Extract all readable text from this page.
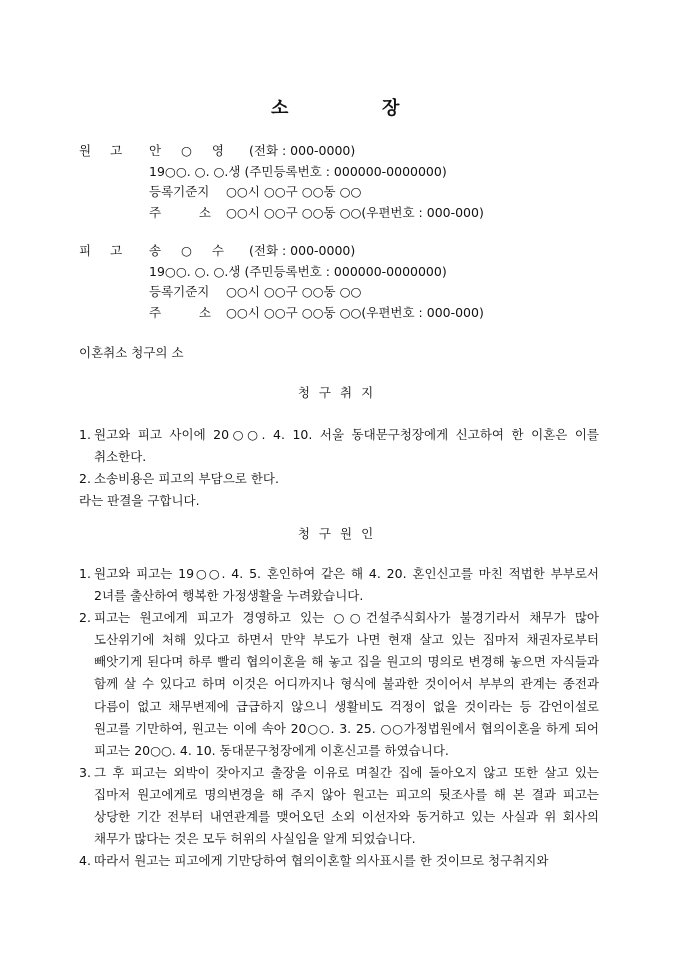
소	장
원고 안 ○ 영 (전화 : 000-0000)
19○○. ○. ○.생 (주민등록번호 : 000000-0000000)
등록기준지 ○○시 ○○구 ○○동 ○○
주	소 ○○시 ○○구 ○○동 ○○(우편번호 : 000-000)
피고 송 ○ 수 (전화 : 000-0000)
19○○. ○. ○.생 (주민등록번호 : 000000-0000000)
등록기준지 ○○시 ○○구 ○○동 ○○
주	소 ○○시 ○○구 ○○동 ○○(우편번호 : 000-000)
이혼취소 청구의 소
청구취지
1. 원고와 피고 사이에 20○○. 4. 10. 서울 동대문구청장에게 신고하여 한 이혼은 이를 취소한다.
2. 소송비용은 피고의 부담으로 한다.
라는 판결을 구합니다.
청구원인
1. 원고와 피고는 19○○. 4. 5. 혼인하여 같은 해 4. 20. 혼인신고를 마친 적법한 부부로서 2녀를 출산하여 행복한 가정생활을 누려왔습니다.
2. 피고는 원고에게 피고가 경영하고 있는 ○○건설주식회사가 불경기라서 채무가 많아 도산위기에 처해 있다고 하면서 만약 부도가 나면 현재 살고 있는 집마저 채권자로부터 빼앗기게 된다며 하루 빨리 협의이혼을 해 놓고 집을 원고의 명의로 변경해 놓으면 자식들과 함께 살 수 있다고 하며 이것은 어디까지나 형식에 불과한 것이어서 부부의 관계는 종전과 다름이 없고 채무변제에 급급하지 않으니 생활비도 걱정이 없을 것이라는 등 감언이설로 원고를 기만하여, 원고는 이에 속아 20○○. 3. 25. ○○가정법원에서 협의이혼을 하게 되어 피고는 20○○. 4. 10. 동대문구청장에게 이혼신고를 하였습니다.
3. 그 후 피고는 외박이 잦아지고 출장을 이유로 며칠간 집에 돌아오지 않고 또한 살고 있는 집마저 원고에게로 명의변경을 해 주지 않아 원고는 피고의 뒷조사를 해 본 결과 피고는 상당한 기간 전부터 내연관계를 맺어오던 소외 이선자와 동거하고 있는 사실과 위 회사의 채무가 많다는 것은 모두 허위의 사실임을 알게 되었습니다.
4. 따라서 원고는 피고에게 기만당하여 협의이혼할 의사표시를 한 것이므로 청구취지와
